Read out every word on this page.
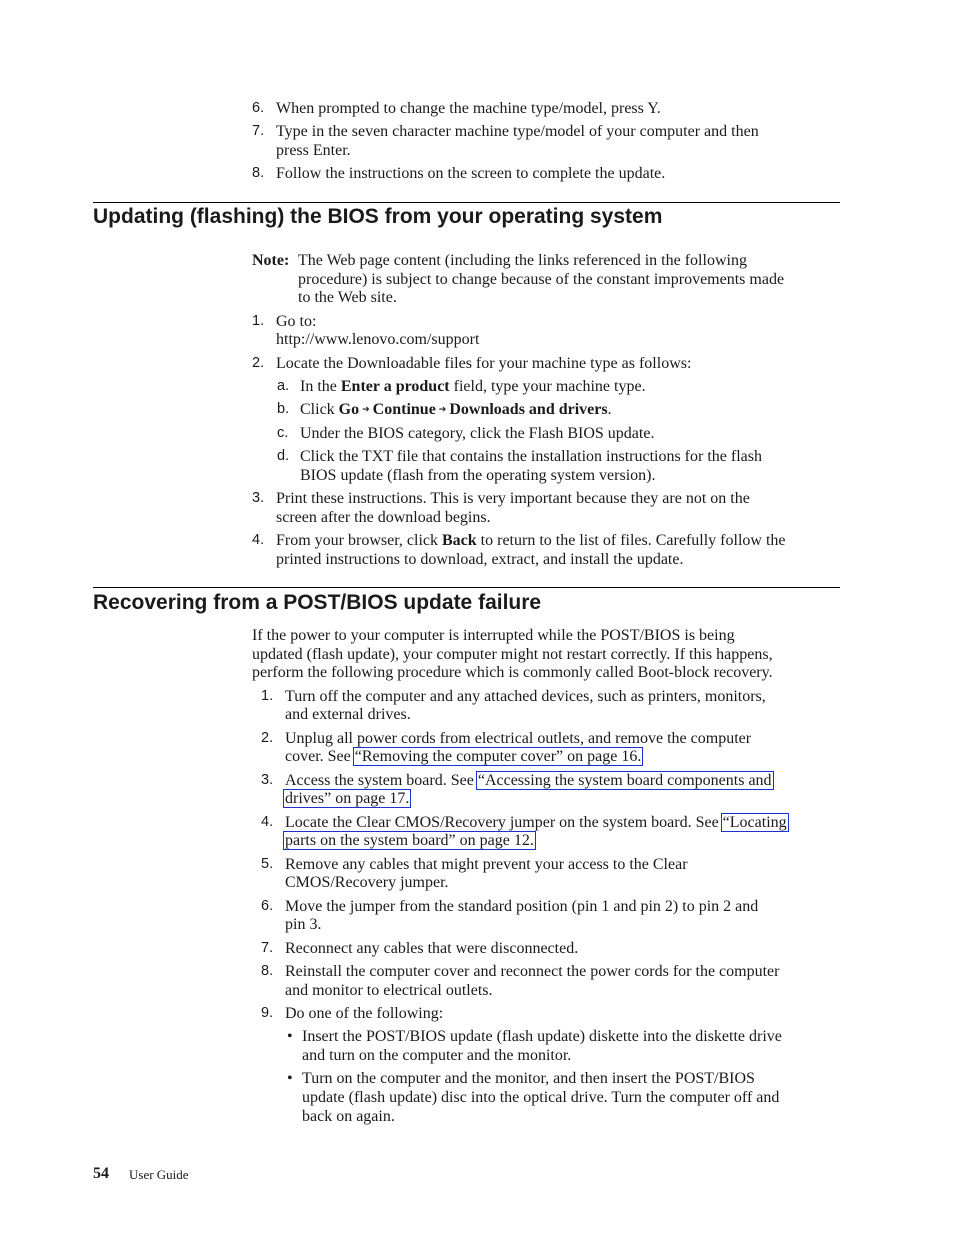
6. When prompted to change the machine type/model, press Y.
7. Type in the seven character machine type/model of your computer and then
press Enter.
8. Follow the instructions on the screen to complete the update.
Updating (flashing) the BIOS from your operating system
Note: The Web page content (including the links referenced in the following
procedure) is subject to change because of the constant improvements made
to the Web site.
1. Go to:
http://www.lenovo.com/support
2. Locate the Downloadable files for your machine type as follows:
a. In the Enter a product field, type your machine type.
b. Click Go ➔ Continue ➔ Downloads and drivers.
c. Under the BIOS category, click the Flash BIOS update.
d. Click the TXT file that contains the installation instructions for the flash
BIOS update (flash from the operating system version).
3. Print these instructions. This is very important because they are not on the
screen after the download begins.
4. From your browser, click Back to return to the list of files. Carefully follow the
printed instructions to download, extract, and install the update.
Recovering from a POST/BIOS update failure
If the power to your computer is interrupted while the POST/BIOS is being
updated (flash update), your computer might not restart correctly. If this happens,
perform the following procedure which is commonly called Boot-block recovery.
1. Turn off the computer and any attached devices, such as printers, monitors,
and external drives.
2. Unplug all power cords from electrical outlets, and remove the computer
cover. See “Removing the computer cover” on page 16.
3. Access the system board. See “Accessing the system board components and
drives” on page 17.
4. Locate the Clear CMOS/Recovery jumper on the system board. See “Locating
parts on the system board” on page 12.
5. Remove any cables that might prevent your access to the Clear
CMOS/Recovery jumper.
6. Move the jumper from the standard position (pin 1 and pin 2) to pin 2 and
pin 3.
7. Reconnect any cables that were disconnected.
8. Reinstall the computer cover and reconnect the power cords for the computer
and monitor to electrical outlets.
9. Do one of the following:
• Insert the POST/BIOS update (flash update) diskette into the diskette drive
and turn on the computer and the monitor.
• Turn on the computer and the monitor, and then insert the POST/BIOS
update (flash update) disc into the optical drive. Turn the computer off and
back on again.
54 User Guide
